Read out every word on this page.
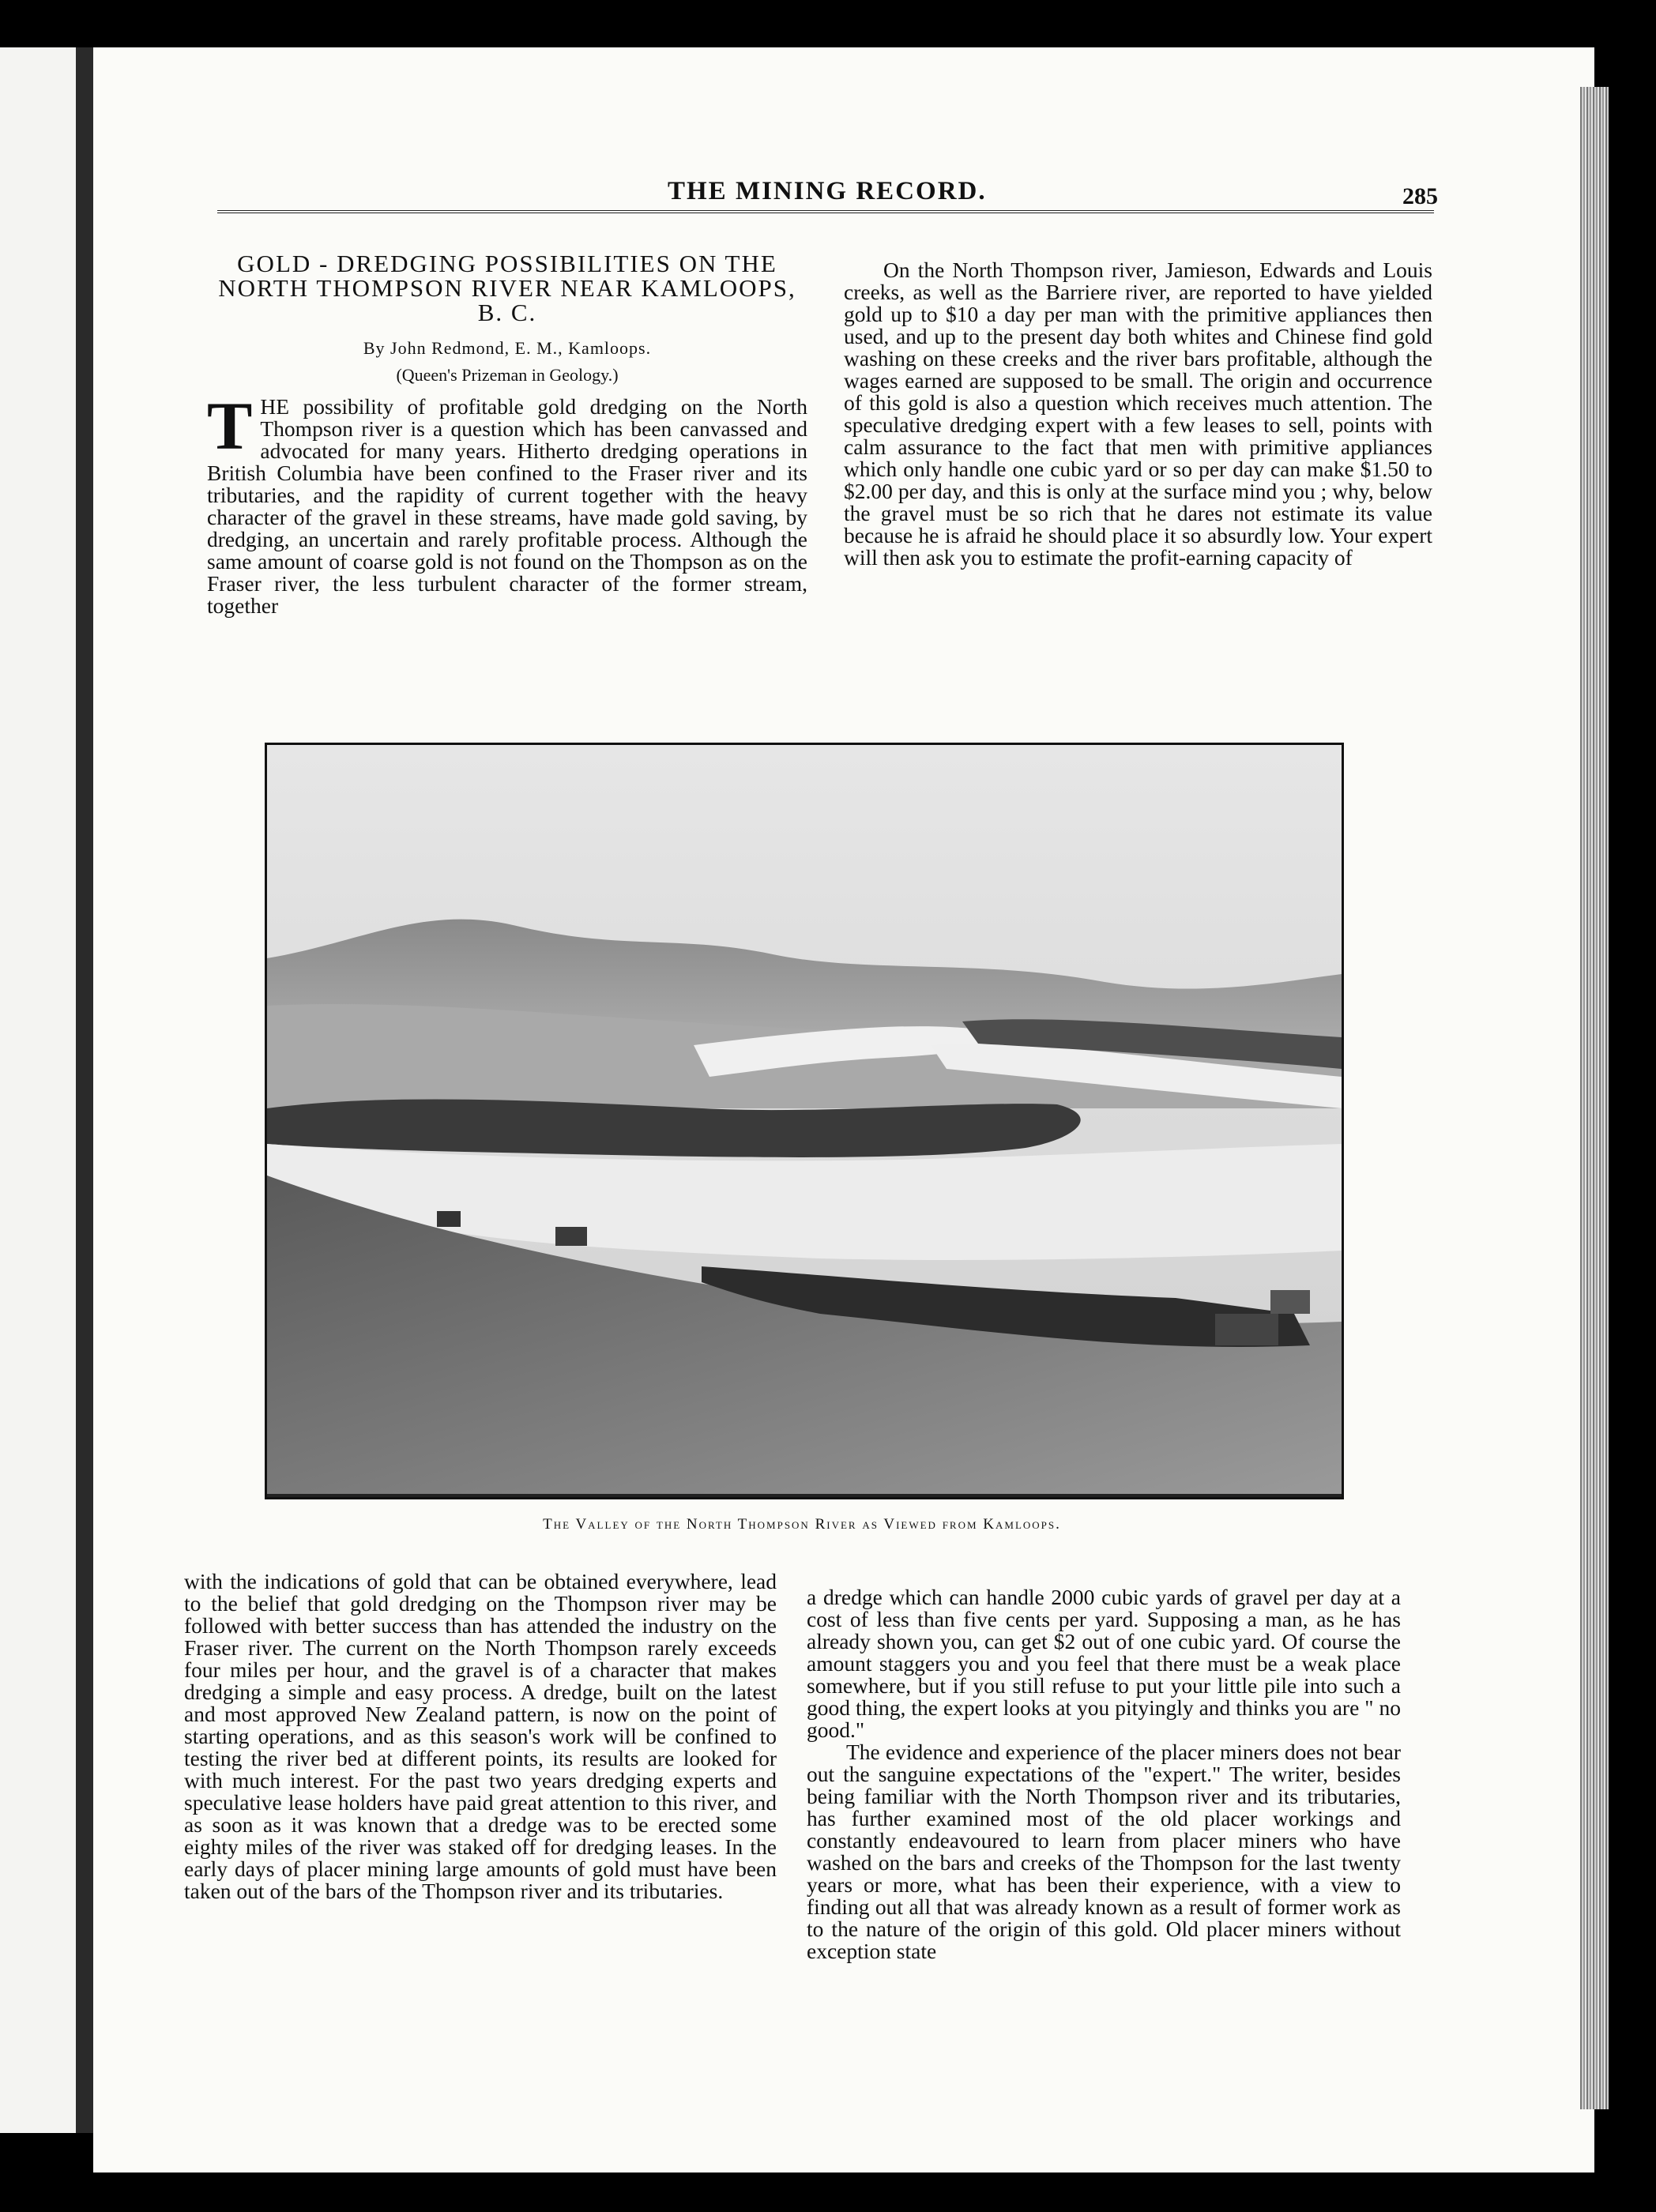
THE MINING RECORD.	285
GOLD - DREDGING POSSIBILITIES ON THE NORTH THOMPSON RIVER NEAR KAMLOOPS, B. C.
By John Redmond, E. M., Kamloops.
(Queen's Prizeman in Geology.)

THE possibility of profitable gold dredging on the North Thompson river is a question which has been canvassed and advocated for many years. Hitherto dredging operations in British Columbia have been confined to the Fraser river and its tributaries, and the rapidity of current together with the heavy character of the gravel in these streams, have made gold saving, by dredging, an uncertain and rarely profitable process. Although the same amount of coarse gold is not found on the Thompson as on the Fraser river, the less turbulent character of the former stream, together

On the North Thompson river, Jamieson, Edwards and Louis creeks, as well as the Barriere river, are reported to have yielded gold up to $10 a day per man with the primitive appliances then used, and up to the present day both whites and Chinese find gold washing on these creeks and the river bars profitable, although the wages earned are supposed to be small. The origin and occurrence of this gold is also a question which receives much attention. The speculative dredging expert with a few leases to sell, points with calm assurance to the fact that men with primitive appliances which only handle one cubic yard or so per day can make $1.50 to $2.00 per day, and this is only at the surface mind you ; why, below the gravel must be so rich that he dares not estimate its value because he is afraid he should place it so absurdly low. Your expert will then ask you to estimate the profit-earning capacity of

The Valley of the North Thompson River as Viewed from Kamloops.

with the indications of gold that can be obtained everywhere, lead to the belief that gold dredging on the Thompson river may be followed with better success than has attended the industry on the Fraser river. The current on the North Thompson rarely exceeds four miles per hour, and the gravel is of a character that makes dredging a simple and easy process. A dredge, built on the latest and most approved New Zealand pattern, is now on the point of starting operations, and as this season's work will be confined to testing the river bed at different points, its results are looked for with much interest. For the past two years dredging experts and speculative lease holders have paid great attention to this river, and as soon as it was known that a dredge was to be erected some eighty miles of the river was staked off for dredging leases. In the early days of placer mining large amounts of gold must have been taken out of the bars of the Thompson river and its tributaries.

a dredge which can handle 2000 cubic yards of gravel per day at a cost of less than five cents per yard. Supposing a man, as he has already shown you, can get $2 out of one cubic yard. Of course the amount staggers you and you feel that there must be a weak place somewhere, but if you still refuse to put your little pile into such a good thing, the expert looks at you pityingly and thinks you are " no good."

The evidence and experience of the placer miners does not bear out the sanguine expectations of the "expert." The writer, besides being familiar with the North Thompson river and its tributaries, has further examined most of the old placer workings and constantly endeavoured to learn from placer miners who have washed on the bars and creeks of the Thompson for the last twenty years or more, what has been their experience, with a view to finding out all that was already known as a result of former work as to the nature of the origin of this gold. Old placer miners without exception state
